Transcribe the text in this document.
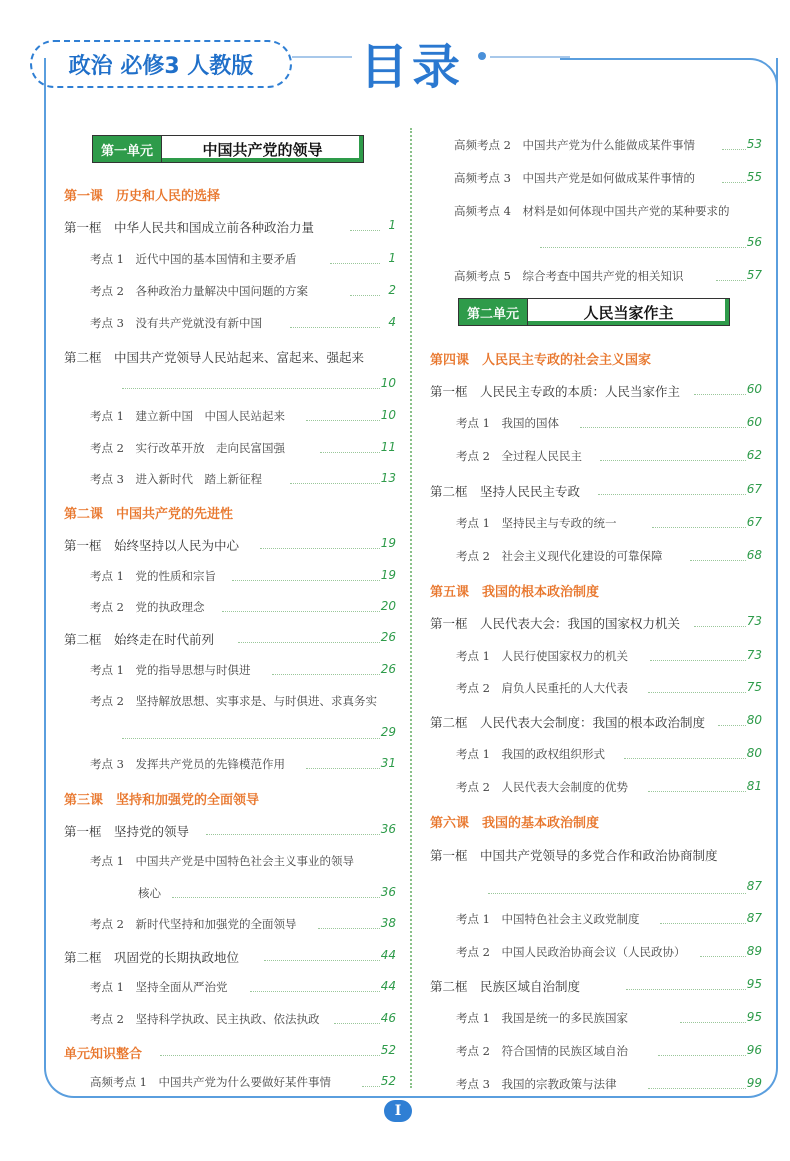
政治 必修3 人教版	目录
第一单元	中国共产党的领导
第一课　历史和人民的选择
第一框　中华人民共和国成立前各种政治力量	1
考点 1　近代中国的基本国情和主要矛盾	1
考点 2　各种政治力量解决中国问题的方案	2
考点 3　没有共产党就没有新中国	4
第二框　中国共产党领导人民站起来、富起来、强起来
10
考点 1　建立新中国　中国人民站起来	10
考点 2　实行改革开放　走向民富国强	11
考点 3　进入新时代　踏上新征程	13
第二课　中国共产党的先进性
第一框　始终坚持以人民为中心	19
考点 1　党的性质和宗旨	19
考点 2　党的执政理念	20
第二框　始终走在时代前列	26
考点 1　党的指导思想与时俱进	26
考点 2　坚持解放思想、实事求是、与时俱进、求真务实
29
考点 3　发挥共产党员的先锋模范作用	31
第三课　坚持和加强党的全面领导
第一框　坚持党的领导	36
考点 1　中国共产党是中国特色社会主义事业的领导
核心	36
考点 2　新时代坚持和加强党的全面领导	38
第二框　巩固党的长期执政地位	44
考点 1　坚持全面从严治党	44
考点 2　坚持科学执政、民主执政、依法执政	46
单元知识整合	52
高频考点 1　中国共产党为什么要做好某件事情	52
高频考点 2　中国共产党为什么能做成某件事情	53
高频考点 3　中国共产党是如何做成某件事情的	55
高频考点 4　材料是如何体现中国共产党的某种要求的
56
高频考点 5　综合考查中国共产党的相关知识	57
第二单元	人民当家作主
第四课　人民民主专政的社会主义国家
第一框　人民民主专政的本质：人民当家作主	60
考点 1　我国的国体	60
考点 2　全过程人民民主	62
第二框　坚持人民民主专政	67
考点 1　坚持民主与专政的统一	67
考点 2　社会主义现代化建设的可靠保障	68
第五课　我国的根本政治制度
第一框　人民代表大会：我国的国家权力机关	73
考点 1　人民行使国家权力的机关	73
考点 2　肩负人民重托的人大代表	75
第二框　人民代表大会制度：我国的根本政治制度	80
考点 1　我国的政权组织形式	80
考点 2　人民代表大会制度的优势	81
第六课　我国的基本政治制度
第一框　中国共产党领导的多党合作和政治协商制度
87
考点 1　中国特色社会主义政党制度	87
考点 2　中国人民政治协商会议（人民政协）	89
第二框　民族区域自治制度	95
考点 1　我国是统一的多民族国家	95
考点 2　符合国情的民族区域自治	96
考点 3　我国的宗教政策与法律	99
I
